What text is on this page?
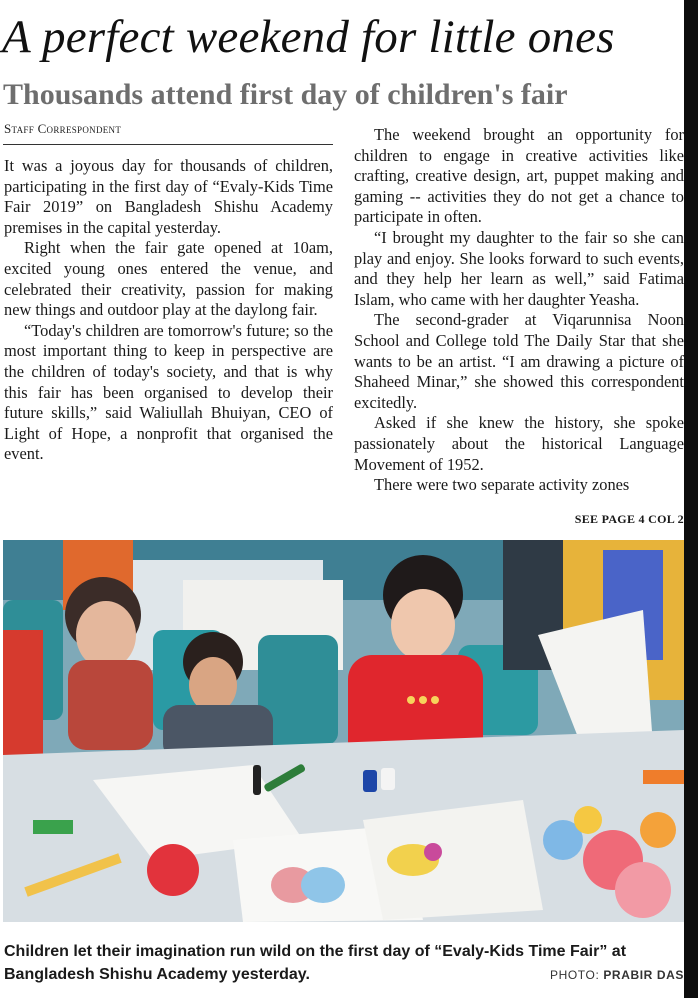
A perfect weekend for little ones
Thousands attend first day of children's fair
Staff Correspondent

It was a joyous day for thousands of children, participating in the first day of “Evaly-Kids Time Fair 2019” on Bangladesh Shishu Academy premises in the capital yesterday.

Right when the fair gate opened at 10am, excited young ones entered the venue, and celebrated their creativity, passion for making new things and outdoor play at the daylong fair.

“Today's children are tomorrow's future; so the most important thing to keep in perspective are the children of today's society, and that is why this fair has been organised to develop their future skills,” said Waliullah Bhuiyan, CEO of Light of Hope, a nonprofit that organised the event.

The weekend brought an opportunity for children to engage in creative activities like crafting, creative design, art, puppet making and gaming -- activities they do not get a chance to participate in often.

“I brought my daughter to the fair so she can play and enjoy. She looks forward to such events, and they help her learn as well,” said Fatima Islam, who came with her daughter Yeasha.

The second-grader at Viqarunnisa Noon School and College told The Daily Star that she wants to be an artist. “I am drawing a picture of Shaheed Minar,” she showed this correspondent excitedly.

Asked if she knew the history, she spoke passionately about the historical Language Movement of 1952.

There were two separate activity zones

SEE PAGE 4 COL 2
Children let their imagination run wild on the first day of “Evaly-Kids Time Fair” at Bangladesh Shishu Academy yesterday.	PHOTO: PRABIR DAS
